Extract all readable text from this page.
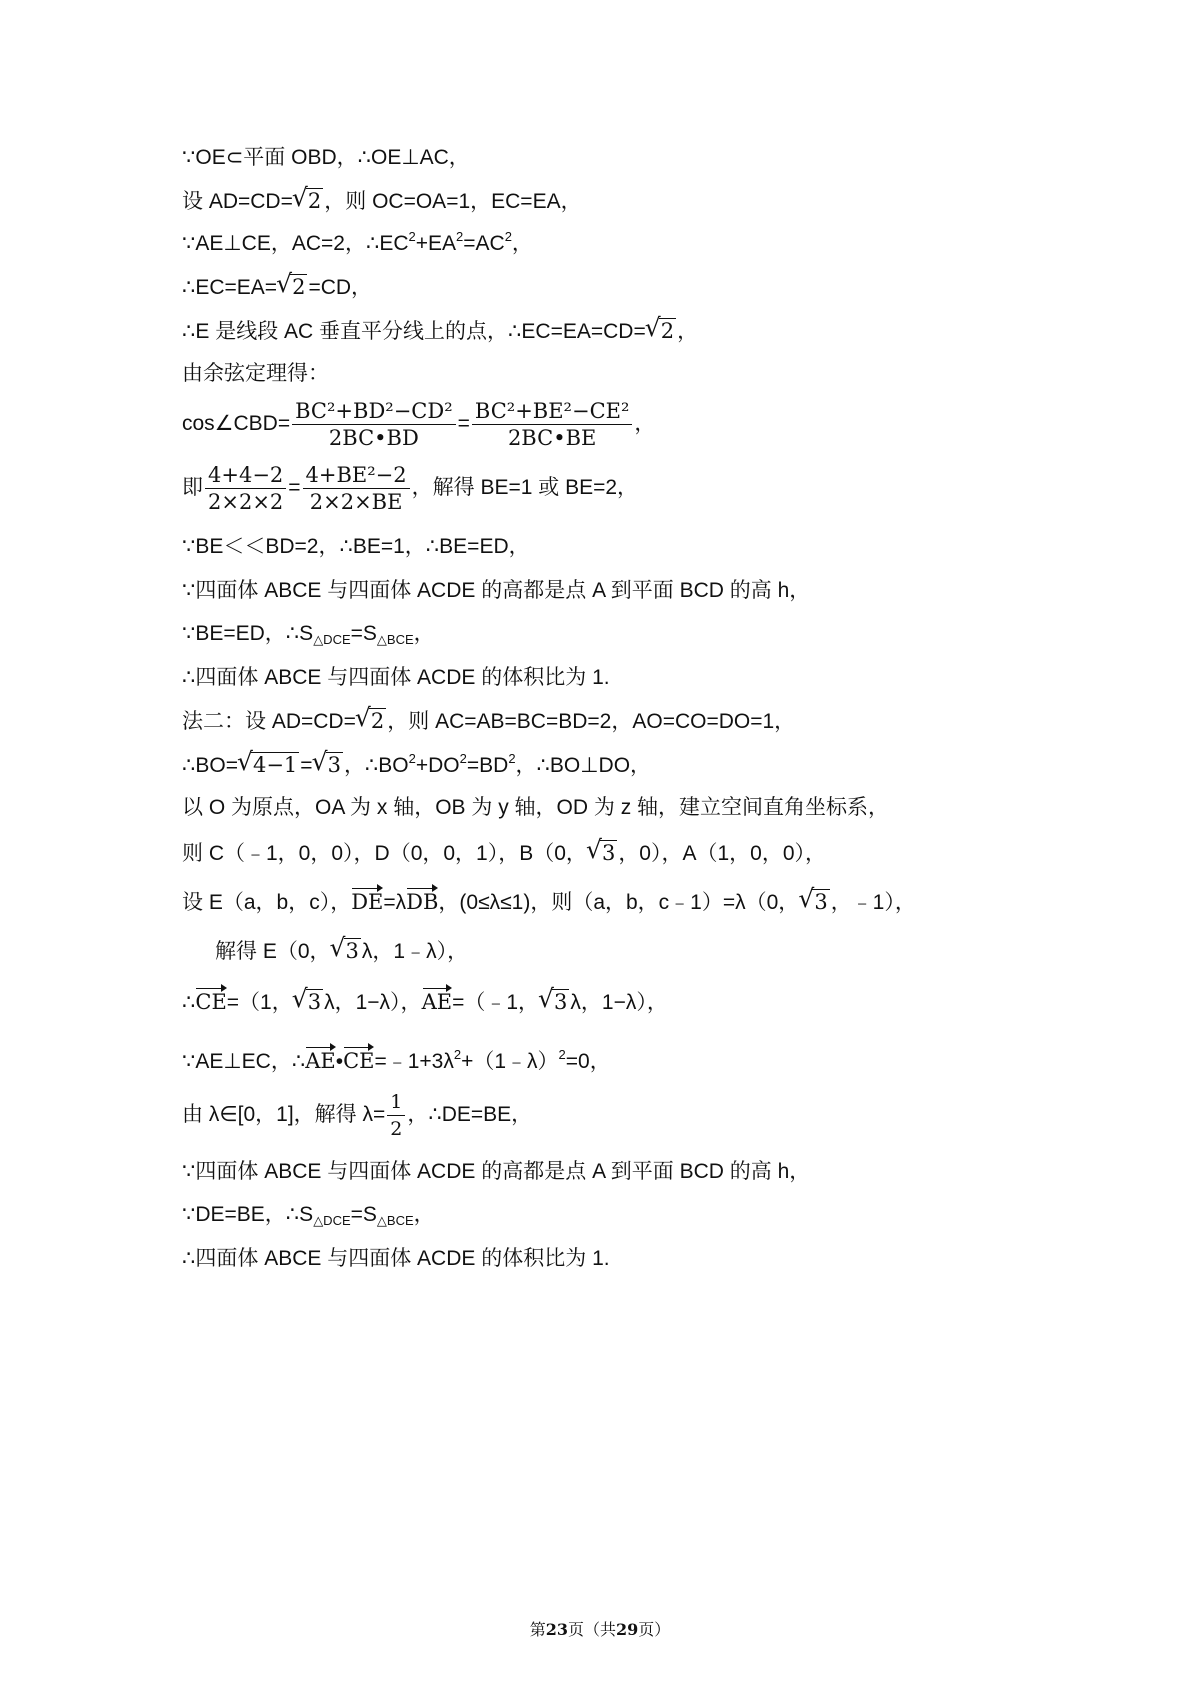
∵OE⊂平面 OBD，∴OE⊥AC，
设 AD=CD= √ 2 ，则 OC=OA=1，EC=EA，
∵AE⊥CE，AC=2，$\therefore EC^2+EA^2=AC^2$，
∴EC=EA= √ 2 =CD，
∴E 是线段 AC 垂直平分线上的点，∴EC=EA=CD= √ 2 ，
由余弦定理得：
cos∠CBD= $\frac{\text{BC²+BD²−CD²}}{2BC•BD} = \frac{\text{BC²+BE²−CE²}}{2BC•BE}$ ，
即 $\frac{4+4-2}{2\times 2\times 2} = \frac{\text{4+BE²−2}}{2\times 2\times BE}$ ，解得 BE=1 或 BE=2，
∵BE＜＜BD=2，∴BE=1，∴BE=ED，
∵四面体 ABCE 与四面体 ACDE 的高都是点 A 到平面 BCD 的高 h，
∵BE=ED，$\therefore S_{\triangle DCE}=S_{\triangle BCE}$，
∴四面体 ABCE 与四面体 ACDE 的体积比为 1.
法二：设 AD=CD= √ 2 ，则 AC=AB=BC=BD=2，AO=CO=DO=1，
∴BO= √ 4−1 = √ 3 ，$\therefore BO^2+DO^2=BD^2$，∴BO⊥DO，
以 O 为原点，OA 为 x 轴，OB 为 y 轴，OD 为 z 轴，建立空间直角坐标系，
则 C（﹣1，0，0），D（0，0，1），B（0， √ 3 ，0），A（1，0，0），
设 E（a，b，c），DE=λDB，(0≤λ≤1)，则（a，b，c﹣1）=λ（0， √ 3 ，﹣1），
解得 E（0， √ 3 λ，1﹣λ），
∴CE=（1， √ 3 λ，1−λ），AE=（﹣1， √ 3 λ，1−λ），
∵AE⊥EC，$\therefore AE•CE=﹣1+3\lambda^2+(1﹣\lambda)^2=0$，
由 λ∈[0，1]，解得 $\lambda= \frac{1}{2}$ ，∴DE=BE，
∵四面体 ABCE 与四面体 ACDE 的高都是点 A 到平面 BCD 的高 h，
∵DE=BE，$\therefore S_{\triangle DCE}=S_{\triangle BCE}$，
∴四面体 ABCE 与四面体 ACDE 的体积比为 1.
第23页（共29页）
